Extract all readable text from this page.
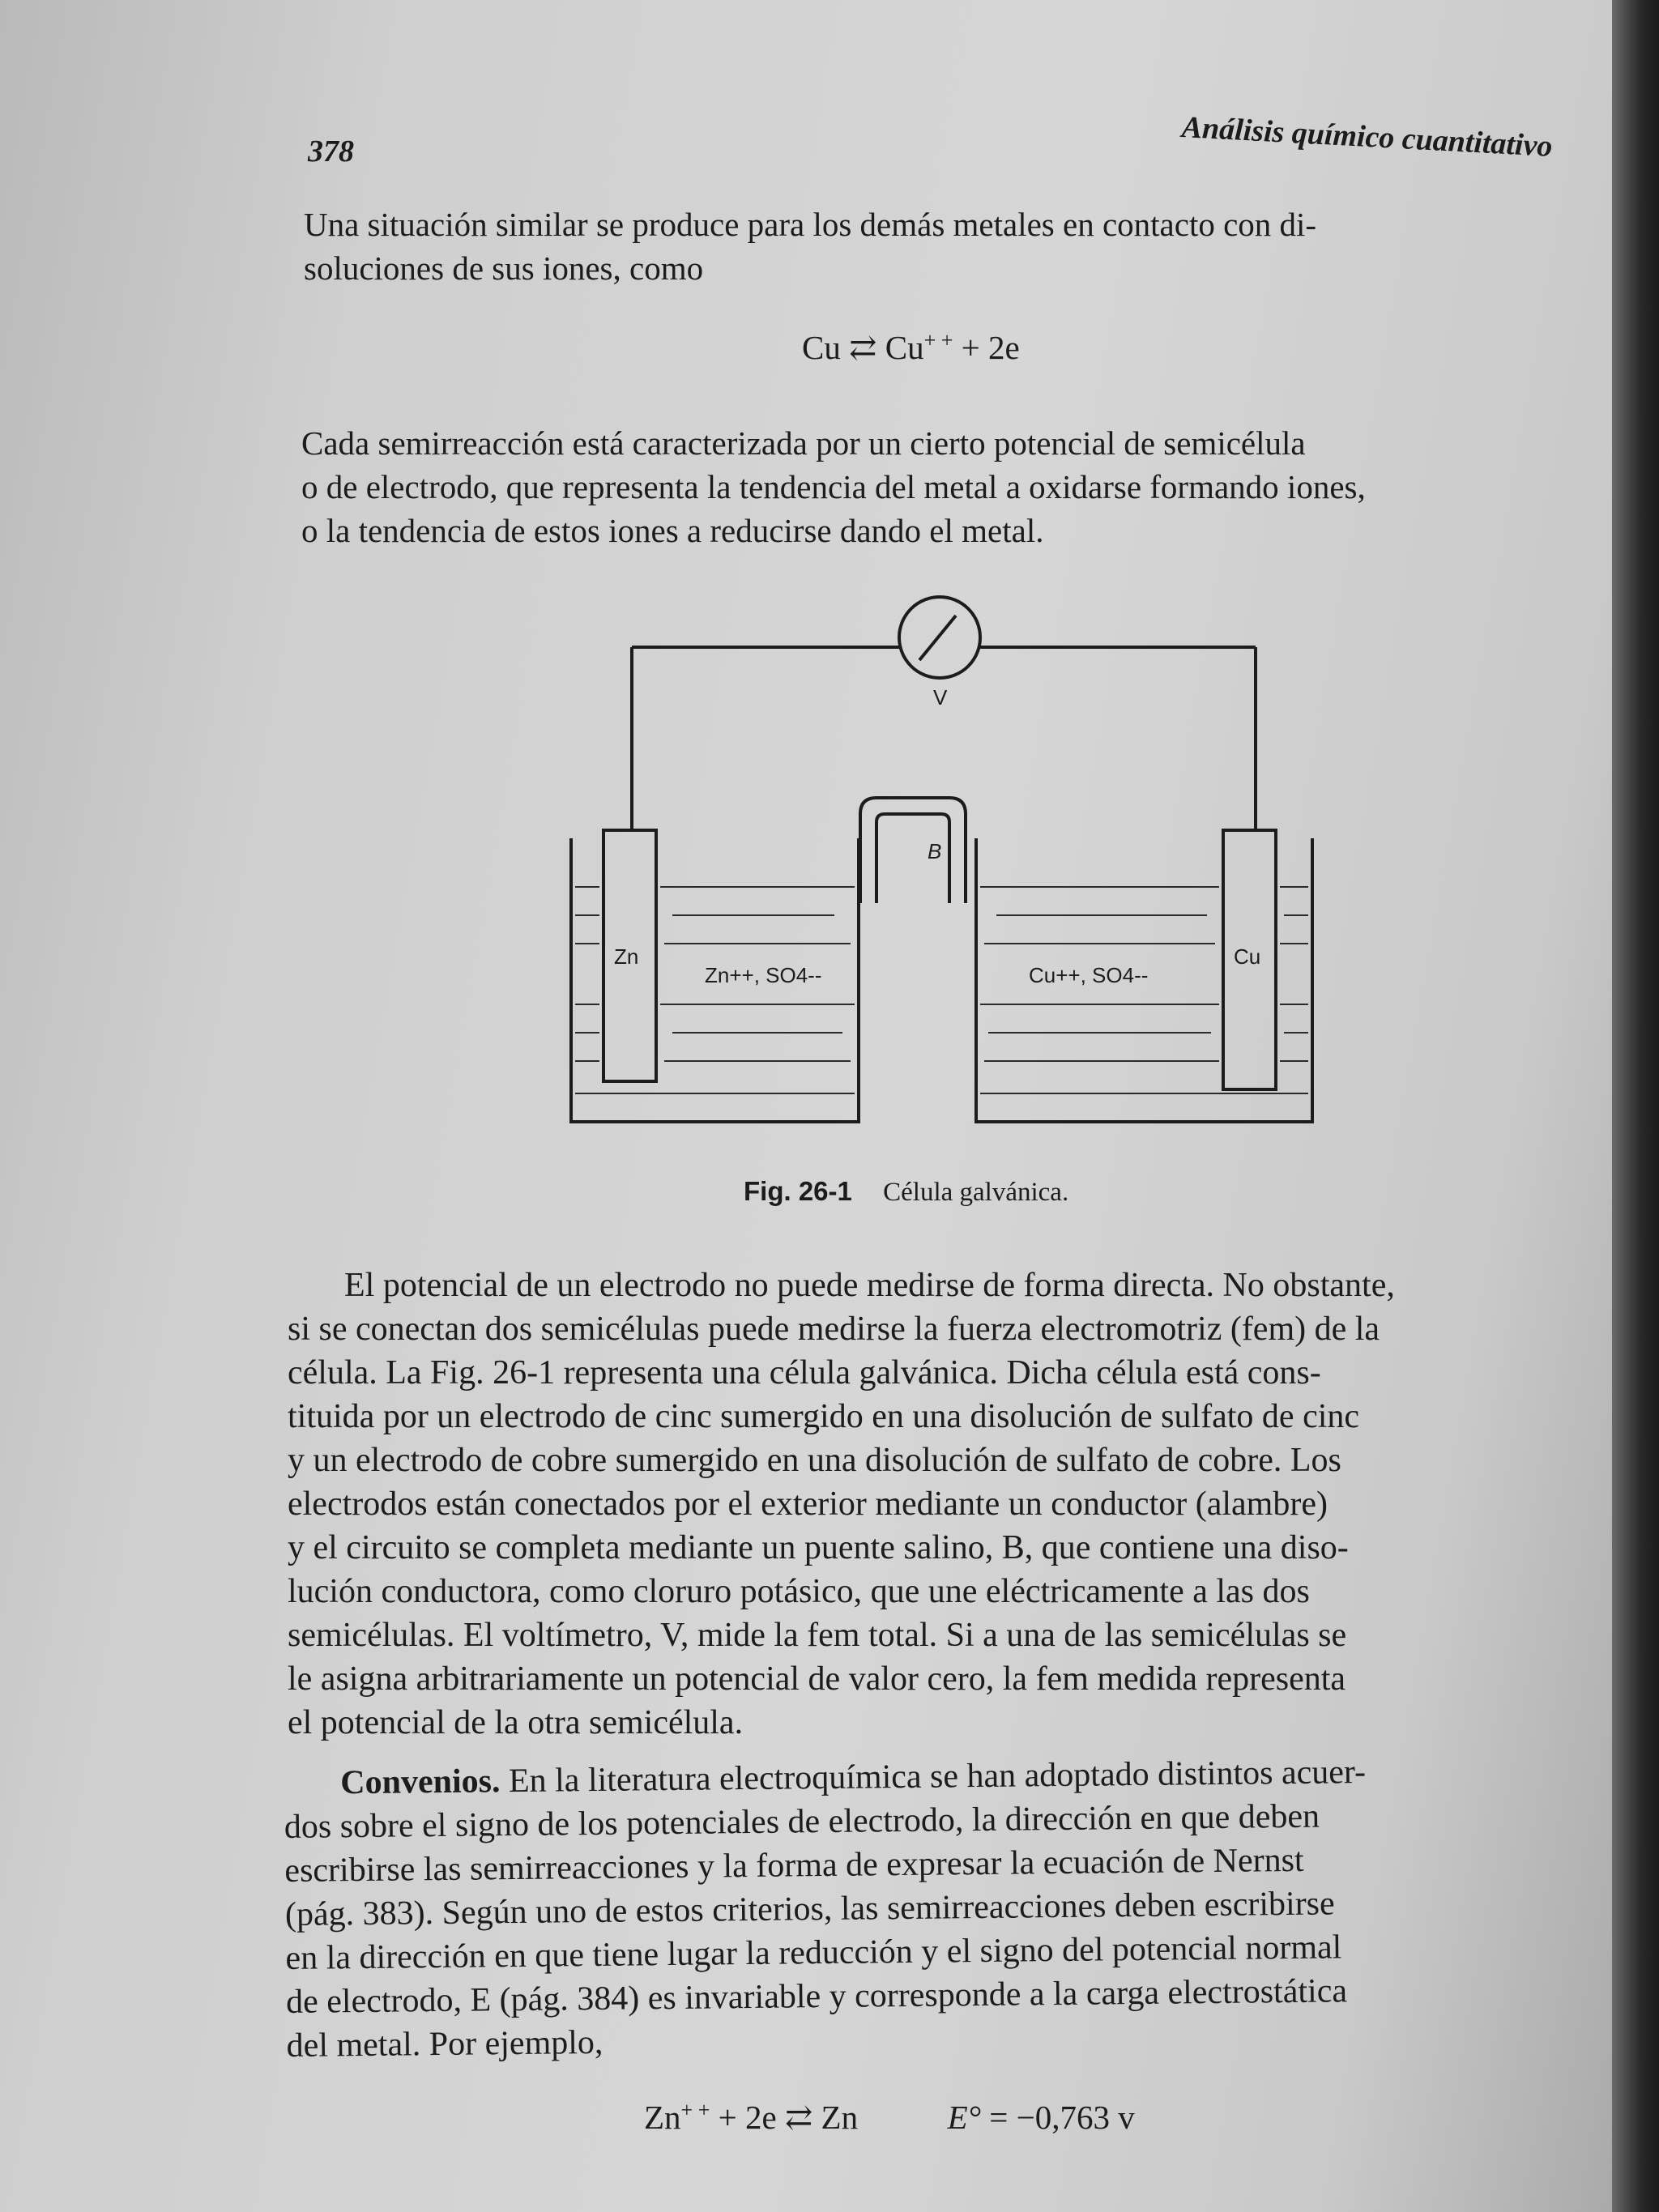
378	Análisis químico cuantitativo
Una situación similar se produce para los demás metales en contacto con di-
soluciones de sus iones, como
Cu ⇄ Cu+ + + 2e
Cada semirreacción está caracterizada por un cierto potencial de semicélula
o de electrodo, que representa la tendencia del metal a oxidarse formando iones,
o la tendencia de estos iones a reducirse dando el metal.
V
B
Zn	Cu
Zn++, SO4--	Cu++, SO4--
Fig. 26-1 Célula galvánica.
El potencial de un electrodo no puede medirse de forma directa. No obstante,
si se conectan dos semicélulas puede medirse la fuerza electromotriz (fem) de la
célula. La Fig. 26-1 representa una célula galvánica. Dicha célula está cons-
tituida por un electrodo de cinc sumergido en una disolución de sulfato de cinc
y un electrodo de cobre sumergido en una disolución de sulfato de cobre. Los
electrodos están conectados por el exterior mediante un conductor (alambre)
y el circuito se completa mediante un puente salino, B, que contiene una diso-
lución conductora, como cloruro potásico, que une eléctricamente a las dos
semicélulas. El voltímetro, V, mide la fem total. Si a una de las semicélulas se
le asigna arbitrariamente un potencial de valor cero, la fem medida representa
el potencial de la otra semicélula.
Convenios. En la literatura electroquímica se han adoptado distintos acuer-
dos sobre el signo de los potenciales de electrodo, la dirección en que deben
escribirse las semirreacciones y la forma de expresar la ecuación de Nernst
(pág. 383). Según uno de estos criterios, las semirreacciones deben escribirse
en la dirección en que tiene lugar la reducción y el signo del potencial normal
de electrodo, E (pág. 384) es invariable y corresponde a la carga electrostática
del metal. Por ejemplo,
Zn+ + + 2e ⇄ Zn	E° = −0,763 v
